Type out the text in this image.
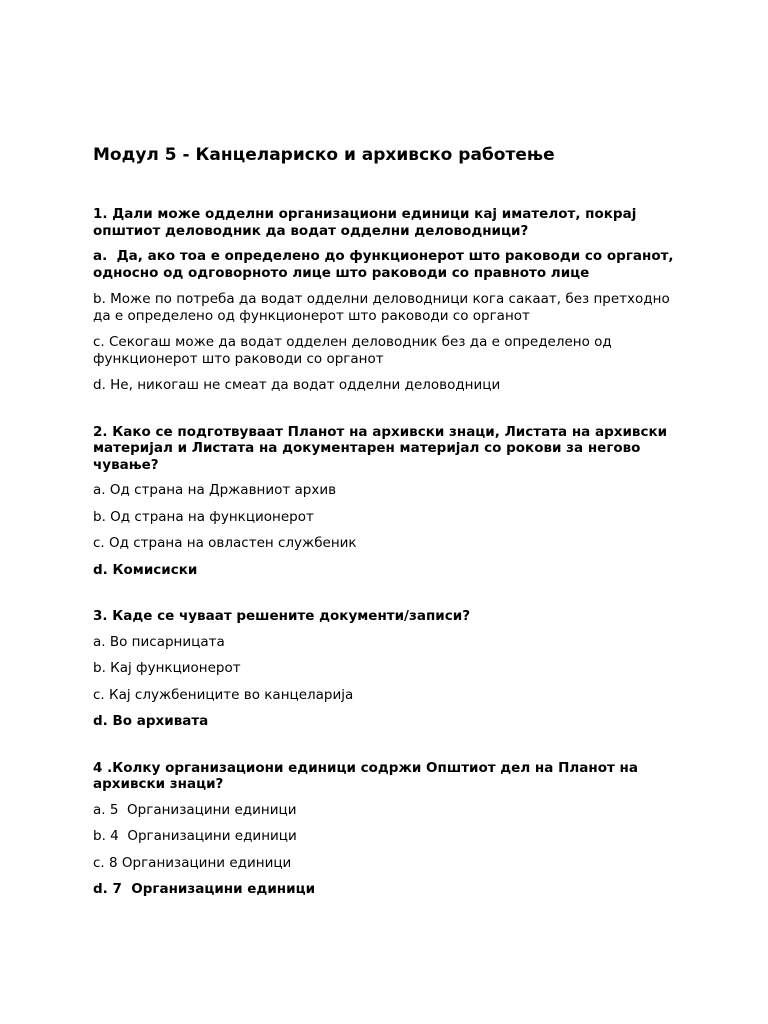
Модул 5 - Канцелариско и архивско работење
1. Дали може одделни организациони единици кај имателот, покрај општиот деловодник да водат одделни деловодници?
a.  Да, ако тоа е определено до функционерот што раководи со органот, односно од одговорното лице што раководи со правното лице
b. Може по потреба да водат одделни деловодници кога сакаат, без претходно да е определено од функционерот што раководи со органот
c. Секогаш може да водат одделен деловодник без да е определено од функционерот што раководи со органот
d. Не, никогаш не смеат да водат одделни деловодници
2. Како се подготвуваат Планот на архивски знаци, Листата на архивски материјал и Листата на документарен материјал со рокови за негово чување?
a. Од страна на Државниот архив
b. Од страна на функционерот
c. Од страна на овластен службеник
d. Комисиски
3. Каде се чуваат решените документи/записи?
a. Во писарницата
b. Кај функционерот
c. Кај службениците во канцеларија
d. Во архивата
4 .Колку организациони единици содржи Општиот дел на Планот на архивски знаци?
a. 5  Организацини единици
b. 4  Организацини единици
c. 8 Организацини единици
d. 7  Организацини единици
